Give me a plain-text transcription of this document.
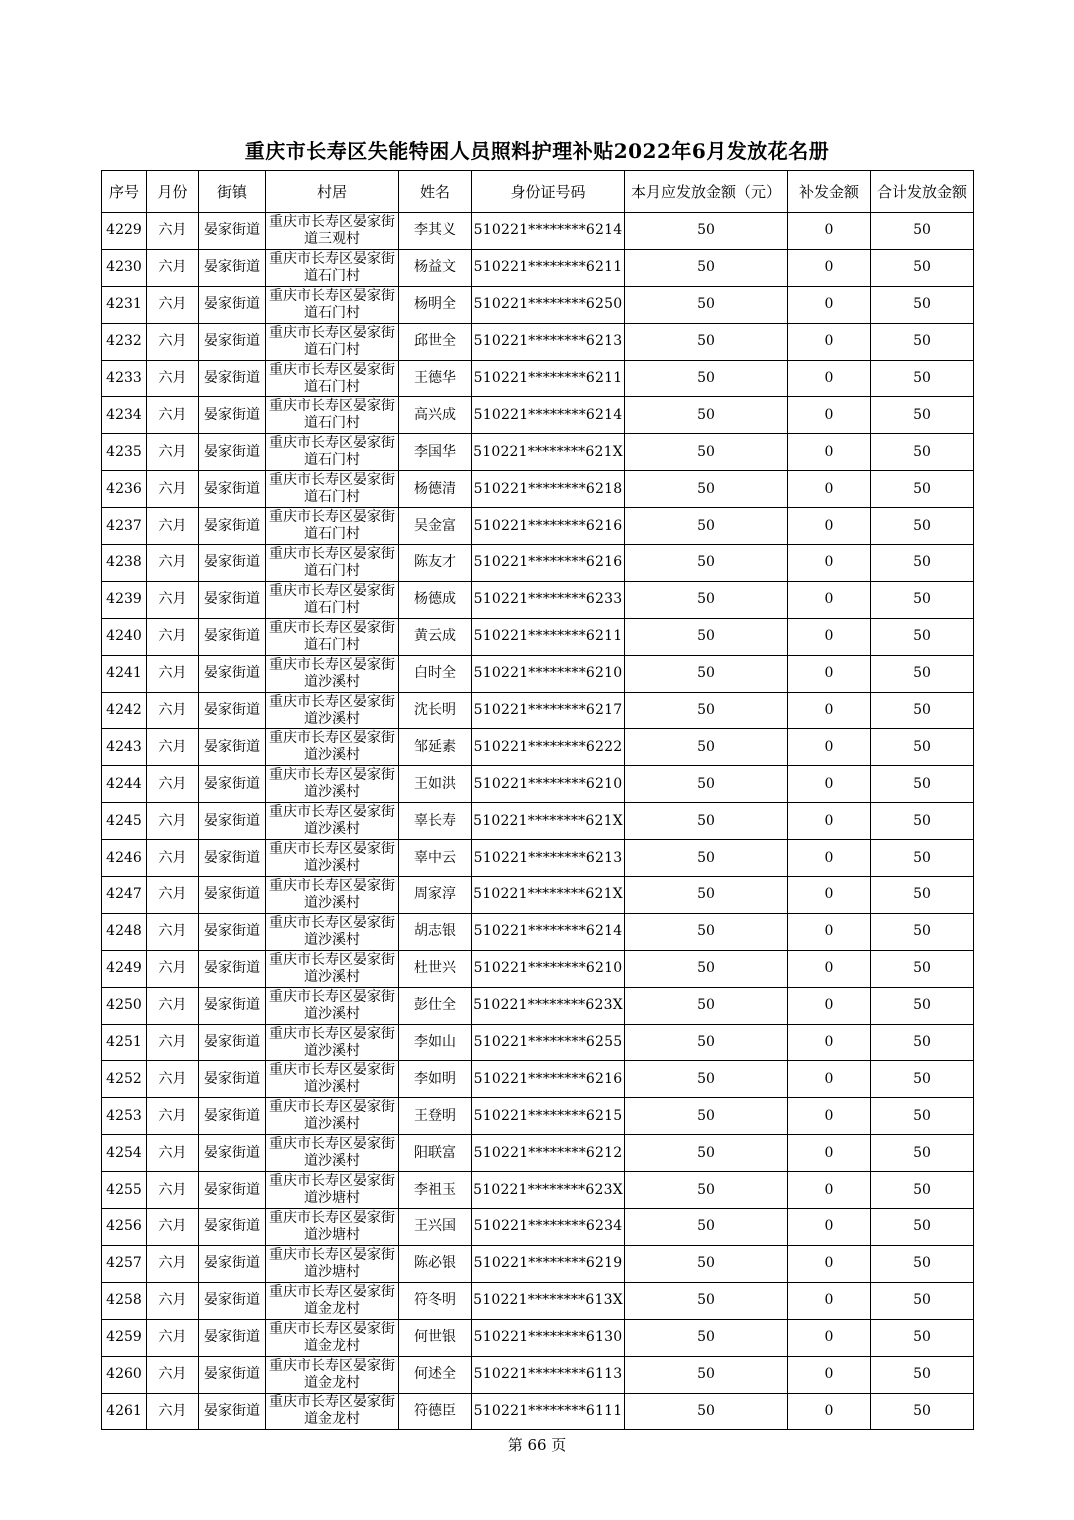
重庆市长寿区失能特困人员照料护理补贴2022年6月发放花名册
序号	月份	街镇	村居	姓名	身份证号码	本月应发放金额（元）	补发金额	合计发放金额
4229	六月	晏家街道	重庆市长寿区晏家街道三观村	李其义	510221********6214	50	0	50
4230	六月	晏家街道	重庆市长寿区晏家街道石门村	杨益文	510221********6211	50	0	50
4231	六月	晏家街道	重庆市长寿区晏家街道石门村	杨明全	510221********6250	50	0	50
4232	六月	晏家街道	重庆市长寿区晏家街道石门村	邱世全	510221********6213	50	0	50
4233	六月	晏家街道	重庆市长寿区晏家街道石门村	王德华	510221********6211	50	0	50
4234	六月	晏家街道	重庆市长寿区晏家街道石门村	高兴成	510221********6214	50	0	50
4235	六月	晏家街道	重庆市长寿区晏家街道石门村	李国华	510221********621X	50	0	50
4236	六月	晏家街道	重庆市长寿区晏家街道石门村	杨德清	510221********6218	50	0	50
4237	六月	晏家街道	重庆市长寿区晏家街道石门村	吴金富	510221********6216	50	0	50
4238	六月	晏家街道	重庆市长寿区晏家街道石门村	陈友才	510221********6216	50	0	50
4239	六月	晏家街道	重庆市长寿区晏家街道石门村	杨德成	510221********6233	50	0	50
4240	六月	晏家街道	重庆市长寿区晏家街道石门村	黄云成	510221********6211	50	0	50
4241	六月	晏家街道	重庆市长寿区晏家街道沙溪村	白时全	510221********6210	50	0	50
4242	六月	晏家街道	重庆市长寿区晏家街道沙溪村	沈长明	510221********6217	50	0	50
4243	六月	晏家街道	重庆市长寿区晏家街道沙溪村	邹延素	510221********6222	50	0	50
4244	六月	晏家街道	重庆市长寿区晏家街道沙溪村	王如洪	510221********6210	50	0	50
4245	六月	晏家街道	重庆市长寿区晏家街道沙溪村	辜长寿	510221********621X	50	0	50
4246	六月	晏家街道	重庆市长寿区晏家街道沙溪村	辜中云	510221********6213	50	0	50
4247	六月	晏家街道	重庆市长寿区晏家街道沙溪村	周家淳	510221********621X	50	0	50
4248	六月	晏家街道	重庆市长寿区晏家街道沙溪村	胡志银	510221********6214	50	0	50
4249	六月	晏家街道	重庆市长寿区晏家街道沙溪村	杜世兴	510221********6210	50	0	50
4250	六月	晏家街道	重庆市长寿区晏家街道沙溪村	彭仕全	510221********623X	50	0	50
4251	六月	晏家街道	重庆市长寿区晏家街道沙溪村	李如山	510221********6255	50	0	50
4252	六月	晏家街道	重庆市长寿区晏家街道沙溪村	李如明	510221********6216	50	0	50
4253	六月	晏家街道	重庆市长寿区晏家街道沙溪村	王登明	510221********6215	50	0	50
4254	六月	晏家街道	重庆市长寿区晏家街道沙溪村	阳联富	510221********6212	50	0	50
4255	六月	晏家街道	重庆市长寿区晏家街道沙塘村	李祖玉	510221********623X	50	0	50
4256	六月	晏家街道	重庆市长寿区晏家街道沙塘村	王兴国	510221********6234	50	0	50
4257	六月	晏家街道	重庆市长寿区晏家街道沙塘村	陈必银	510221********6219	50	0	50
4258	六月	晏家街道	重庆市长寿区晏家街道金龙村	符冬明	510221********613X	50	0	50
4259	六月	晏家街道	重庆市长寿区晏家街道金龙村	何世银	510221********6130	50	0	50
4260	六月	晏家街道	重庆市长寿区晏家街道金龙村	何述全	510221********6113	50	0	50
4261	六月	晏家街道	重庆市长寿区晏家街道金龙村	符德臣	510221********6111	50	0	50
第 66 页
